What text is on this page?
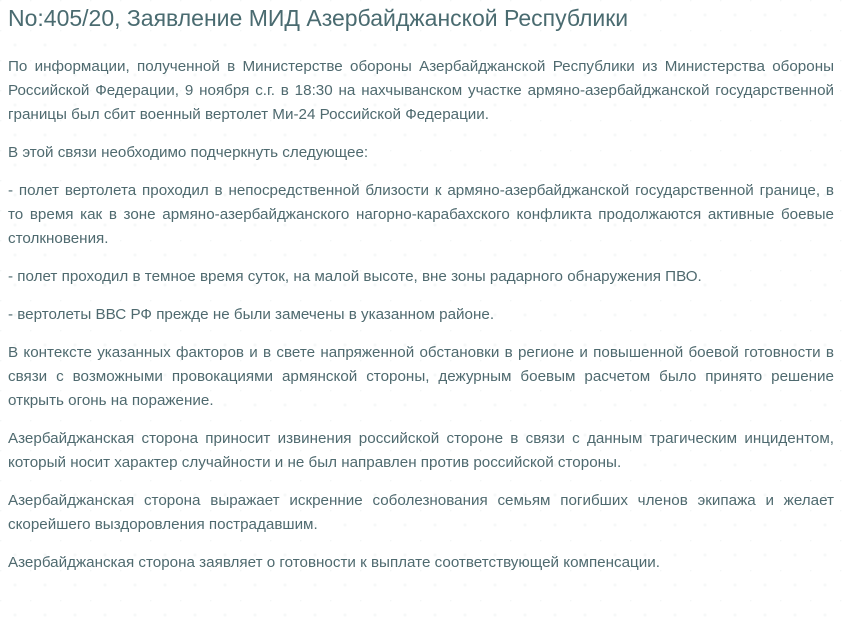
No:405/20, Заявление МИД Азербайджанской Республики

По информации, полученной в Министерстве обороны Азербайджанской Республики из Министерства обороны Российской Федерации, 9 ноября с.г. в 18:30 на нахчыванском участке армяно-азербайджанской государственной границы был сбит военный вертолет Ми-24 Российской Федерации.

В этой связи необходимо подчеркнуть следующее:

- полет вертолета проходил в непосредственной близости к армяно-азербайджанской государственной границе, в то время как в зоне армяно-азербайджанского нагорно-карабахского конфликта продолжаются активные боевые столкновения.

- полет проходил в темное время суток, на малой высоте, вне зоны радарного обнаружения ПВО.

- вертолеты ВВС РФ прежде не были замечены в указанном районе.

В контексте указанных факторов и в свете напряженной обстановки в регионе и повышенной боевой готовности в связи с возможными провокациями армянской стороны, дежурным боевым расчетом было принято решение открыть огонь на поражение.

Азербайджанская сторона приносит извинения российской стороне в связи с данным трагическим инцидентом, который носит характер случайности и не был направлен против российской стороны.

Азербайджанская сторона выражает искренние соболезнования семьям погибших членов экипажа и желает скорейшего выздоровления пострадавшим.

Азербайджанская сторона заявляет о готовности к выплате соответствующей компенсации.
